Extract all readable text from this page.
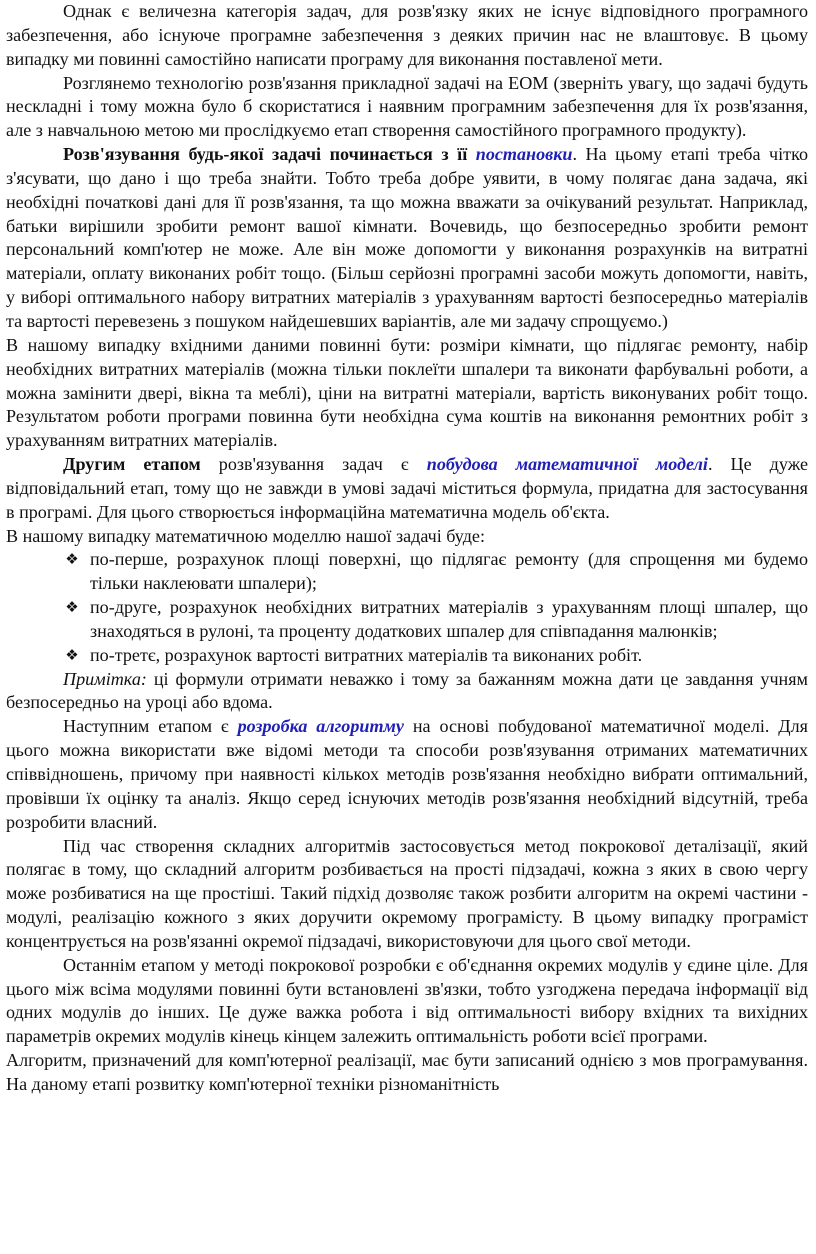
Однак є величезна категорія задач, для розв'язку яких не існує відповідного програмного забезпечення, або існуюче програмне забезпечення з деяких причин нас не влаштовує. В цьому випадку ми повинні самостійно написати програму для виконання поставленої мети.

Розглянемо технологію розв'язання прикладної задачі на ЕОМ (зверніть увагу, що задачі будуть нескладні і тому можна було б скористатися і наявним програмним забезпечення для їх розв'язання, але з навчальною метою ми прослідкуємо етап створення самостійного програмного продукту).

Розв'язування будь-якої задачі починається з її постановки. На цьому етапі треба чітко з'ясувати, що дано і що треба знайти. Тобто треба добре уявити, в чому полягає дана задача, які необхідні початкові дані для її розв'язання, та що можна вважати за очікуваний результат. Наприклад, батьки вирішили зробити ремонт вашої кімнати. Вочевидь, що безпосередньо зробити ремонт персональний комп'ютер не може. Але він може допомогти у виконання розрахунків на витратні матеріали, оплату виконаних робіт тощо. (Більш серйозні програмні засоби можуть допомогти, навіть, у виборі оптимального набору витратних матеріалів з урахуванням вартості безпосередньо матеріалів та вартості перевезень з пошуком найдешевших варіантів, але ми задачу спрощуємо.)

В нашому випадку вхідними даними повинні бути: розміри кімнати, що підлягає ремонту, набір необхідних витратних матеріалів (можна тільки поклеїти шпалери та виконати фарбувальні роботи, а можна замінити двері, вікна та меблі), ціни на витратні матеріали, вартість виконуваних робіт тощо. Результатом роботи програми повинна бути необхідна сума коштів на виконання ремонтних робіт з урахуванням витратних матеріалів.

Другим етапом розв'язування задач є побудова математичної моделі. Це дуже відповідальний етап, тому що не завжди в умові задачі міститься формула, придатна для застосування в програмі. Для цього створюється інформаційна математична модель об'єкта.

В нашому випадку математичною моделлю нашої задачі буде:

❖ по-перше, розрахунок площі поверхні, що підлягає ремонту (для спрощення ми будемо тільки наклеювати шпалери);
❖ по-друге, розрахунок необхідних витратних матеріалів з урахуванням площі шпалер, що знаходяться в рулоні, та проценту додаткових шпалер для співпадання малюнків;
❖ по-третє, розрахунок вартості витратних матеріалів та виконаних робіт.

Примітка: ці формули отримати неважко і тому за бажанням можна дати це завдання учням безпосередньо на уроці або вдома.

Наступним етапом є розробка алгоритму на основі побудованої математичної моделі. Для цього можна використати вже відомі методи та способи розв'язування отриманих математичних співвідношень, причому при наявності кількох методів розв'язання необхідно вибрати оптимальний, провівши їх оцінку та аналіз. Якщо серед існуючих методів розв'язання необхідний відсутній, треба розробити власний.

Під час створення складних алгоритмів застосовується метод покрокової деталізації, який полягає в тому, що складний алгоритм розбивається на прості підзадачі, кожна з яких в свою чергу може розбиватися на ще простіші. Такий підхід дозволяє також розбити алгоритм на окремі частини - модулі, реалізацію кожного з яких доручити окремому програмісту. В цьому випадку програміст концентрується на розв'язанні окремої підзадачі, використовуючи для цього свої методи.

Останнім етапом у методі покрокової розробки є об'єднання окремих модулів у єдине ціле. Для цього між всіма модулями повинні бути встановлені зв'язки, тобто узгоджена передача інформації від одних модулів до інших. Це дуже важка робота і від оптимальності вибору вхідних та вихідних параметрів окремих модулів кінець кінцем залежить оптимальність роботи всієї програми.

Алгоритм, призначений для комп'ютерної реалізації, має бути записаний однією з мов програмування. На даному етапі розвитку комп'ютерної техніки різноманітність
